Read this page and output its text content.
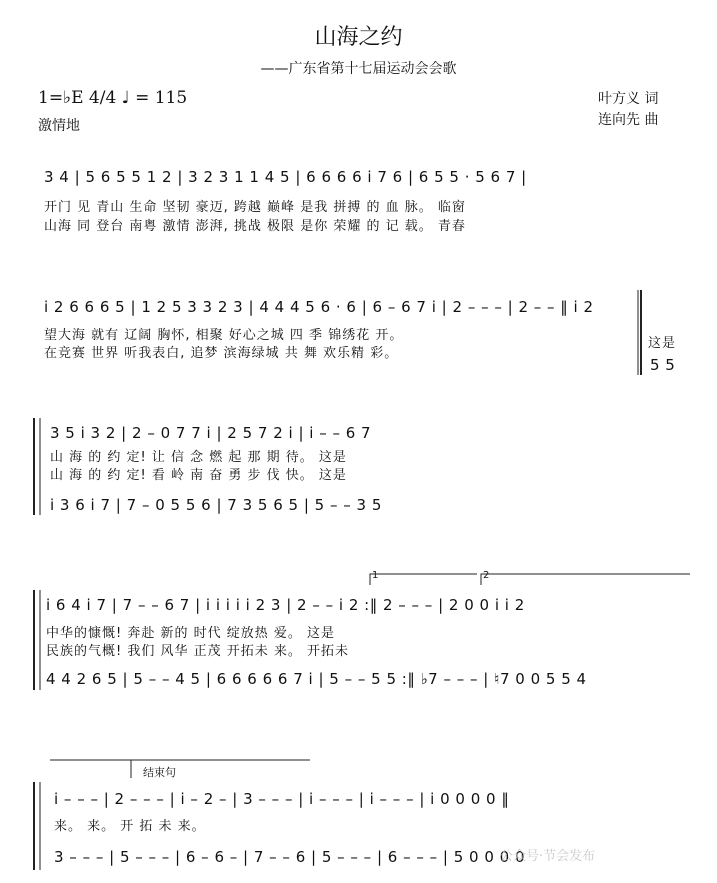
山海之约
——广东省第十七届运动会会歌
1=♭E 4/4 ♩ = 115
激情地
叶方义 词
连向先 曲
3 4 | 5 6 5 5 1 2 | 3 2 3 1 1 4 5 | 6 6 6 6 i 7 6 | 6 5 5 · 5 6 7 |
开门 见 青山 生命 坚韧 豪迈, 跨越 巅峰 是我 拼搏 的 血 脉。 临窗
山海 同 登台 南粤 激情 澎湃, 挑战 极限 是你 荣耀 的 记 载。 青春
i 2 6 6 6 5 | 1 2 5 3 3 2 3 | 4 4 4 5 6 · 6 | 6 – 6 7 i | 2 – – – | 2 – – ‖ i 2
望大海 就有 辽阔 胸怀, 相聚 好心之城 四 季 锦绣花 开。
在竞赛 世界 听我表白, 追梦 滨海绿城 共 舞 欢乐精 彩。
这是
5 5
3 5 i 3 2 | 2 – 0 7 7 i | 2 5 7 2 i | i – – 6 7
山 海 的 约 定! 让 信 念 燃 起 那 期 待。 这是
山 海 的 约 定! 看 岭 南 奋 勇 步 伐 快。 这是
i 3 6 i 7 | 7 – 0 5 5 6 | 7 3 5 6 5 | 5 – – 3 5
1	2
i 6 4 i 7 | 7 – – 6 7 | i i i i i 2 3 | 2 – – i 2 :‖ 2 – – – | 2 0 0 i i 2
中华的慷慨! 奔赴 新的 时代 绽放热 爱。 这是
民族的气概! 我们 风华 正茂 开拓未 来。 开拓未
4 4 2 6 5 | 5 – – 4 5 | 6 6 6 6 6 7 i | 5 – – 5 5 :‖ ♭7 – – – | ♮7 0 0 5 5 4
结束句
i – – – | 2 – – – | i – 2 – | 3 – – – | i – – – | i – – – | i 0 0 0 0 ‖
来。 来。 开 拓 未 来。
3 – – – | 5 – – – | 6 – 6 – | 7 – – 6 | 5 – – – | 6 – – – | 5 0 0 0 0
公众号·节会发布
